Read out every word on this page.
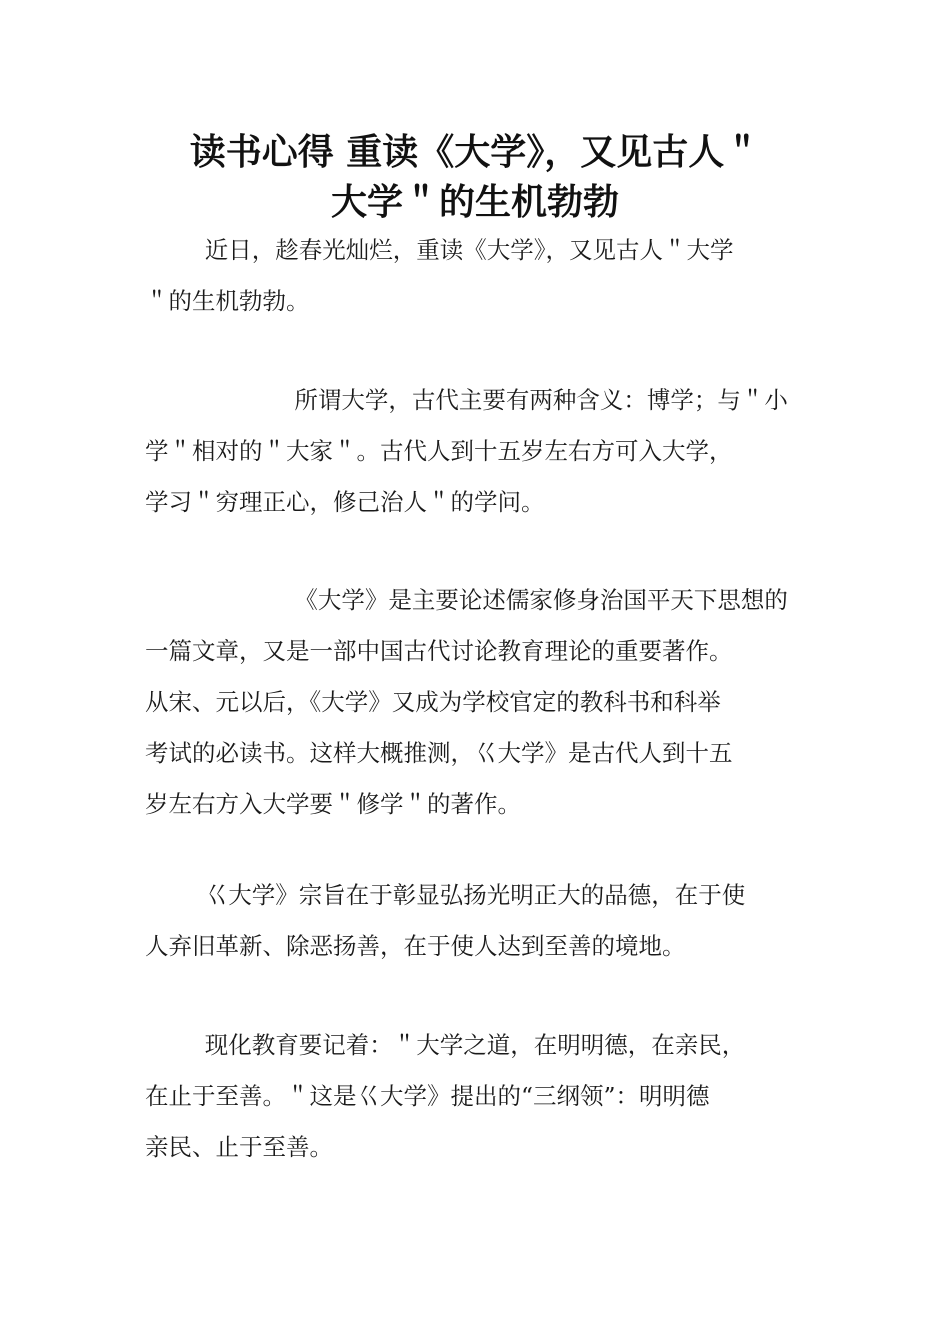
读书心得 重读《大学》，又见古人＂
大学＂的生机勃勃
近日，趁春光灿烂，重读《大学》，又见古人＂大学
＂的生机勃勃。
所谓大学，古代主要有两种含义：博学；与＂小
学＂相对的＂大家＂。古代人到十五岁左右方可入大学，
学习＂穷理正心，修己治人＂的学问。
《大学》是主要论述儒家修身治国平天下思想的
一篇文章，又是一部中国古代讨论教育理论的重要著作。
从宋、元以后，《大学》又成为学校官定的教科书和科举
考试的必读书。这样大概推测，巜大学》是古代人到十五
岁左右方入大学要＂修学＂的著作。
巜大学》宗旨在于彰显弘扬光明正大的品德，在于使
人弃旧革新、除恶扬善，在于使人达到至善的境地。
现化教育要记着：＂大学之道，在明明德，在亲民，
在止于至善。＂这是巜大学》提出的“三纲领”：明明德
亲民、止于至善。
